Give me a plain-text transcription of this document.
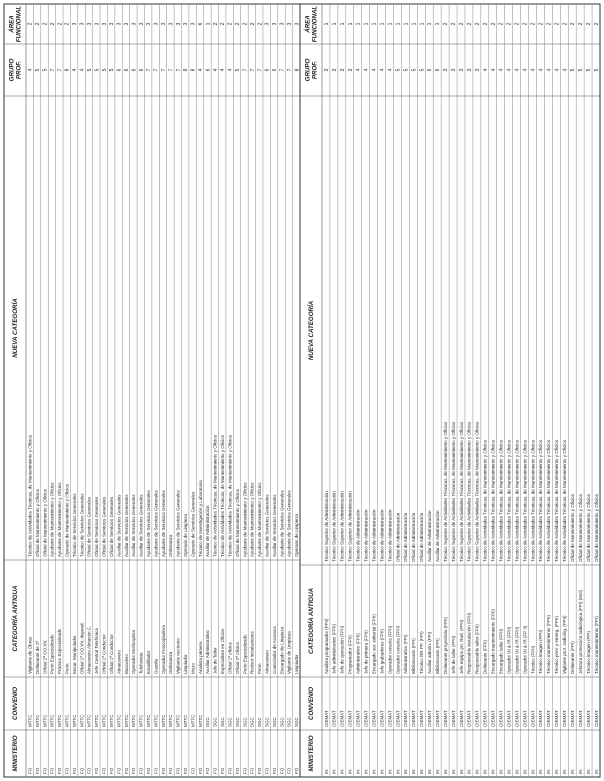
MINISTERIO
CONVENIO
CATEGORÍA ANTIGUA
NUEVA CATEGORÍA
GRUPO PROF.
ÁREA FUNCIONAL
FO
MTTC
Vigilante de Obras
Técnico de Actividades Técnicas, de Mantenimiento y Oficios
4
2
FO
MTTC
Delineante de 2ª
Oficial de Mantenimiento y Oficios
5
2
FO
MTTC
Oficial 2ª OO.VV.
Oficial de Mantenimiento y Oficios
5
2
FO
MTTC
Peón Especializado
Ayudante de Mantenimiento y Oficios
7
2
FO
MTTC
Práctico Especializado
Ayudante de Mantenimiento y Oficios
7
2
FO
MTTC
Peón
Operario de Mantenimiento y Oficios
8
2
FO
MTTC
Encar. Manipulador
Técnico de Servicios Generales
4
3
FO
MTTC
Oficial 1ª OO.VV. depend.
Técnico de Servicios Generales
4
3
FO
MTTC
Almacenero Almacén C.
Oficial de Servicios Generales
5
3
FO
MTTC
Jefe Central Telefónica
Oficial de Servicios Generales
5
3
FO
MTTC
Oficial 1ª Conductor
Oficial de Servicios Generales
5
3
FO
MTTC
Oficial 1ª Conductor
Oficial de Servicios Generales
5
3
FO
MTTC
Almacenero
Auxiliar de Servicios Generales
6
3
FO
MTTC
Basculero
Auxiliar de Servicios Generales
6
3
FO
MTTC
Operador Multicopista
Auxiliar de Servicios Generales
6
3
FO
MTTC
Telefonista
Auxiliar de Servicios Generales
6
3
FO
MTTC
Estadillador
Ayudante de Servicios Generales
7
3
FO
MTTC
Guarda
Ayudante de Servicios Generales
7
3
FO
MTTC
Operador Fotocopiadora
Ayudante de Servicios Generales
7
3
FO
MTTC
Ordenanza
Ordenanza
7
3
FO
MTTC
Vigilante nocturno
Ayudante de Servicios Generales
7
3
FO
MTTC
Limpiador
Operario de Limpieza
8
3
FO
MTTC
Mozo
Operario de Servicios Generales
8
3
FO
MTTC
Analista primera
Técnico de Investigación y Laboratorio
4
6
FO
SGC
Auxiliar Administrativo
Auxiliar de Administración
6
1
FO
SGC
Jefe de Taller
Técnico de Actividades Técnicas, de Mantenimiento y Oficios
4
2
FO
SGC
Especialista en Oficios
Técnico de Actividades Técnicas, de Mantenimiento y Oficios
4
2
FO
SGC
Oficial 1ª oficios
Técnico de Actividades Técnicas, de Mantenimiento y Oficios
4
2
FO
SGC
Oficial 2ª oficios
Oficial de Mantenimiento y Oficios
5
2
FO
SGC
Peón Especializado
Ayudante de Mantenimiento y Oficios
7
2
FO
SGC
Revisor Instalaciones
Ayudante de Mantenimiento y Oficios
7
2
FO
SGC
Peón
Ayudante de Mantenimiento y Oficios
7
2
FO
SGC
Almacenero
Auxiliar de Servicios Generales
6
3
FO
SGC
Controlador de Accesos
Auxiliar de Servicios Generales
6
3
FO
SGC
Encargado de Limpieza
Ayudante de Servicios Generales
7
3
FO
SGC
Vigilante de Limpieza
Ayudante de Servicios Generales
7
3
FO
SGC
Limpiador
Operario de Limpieza
8
3
MINISTERIO
CONVENIO
CATEGORÍA ANTIGUA
NUEVA CATEGORÍA
GRUPO PROF.
ÁREA FUNCIONAL
IN
CIEMAT
Analista programador (FPII)
Técnico Superior de Administración
3
1
IN
CIEMAT
Jefe administrativo (FPII)
Técnico Superior de Administración
3
1
IN
CIEMAT
Jefe de operación (FPII)
Técnico Superior de Administración
3
1
IN
CIEMAT
Programador (FPII)
Técnico Superior de Administración
3
1
IN
CIEMAT
Administrativo (FPII)
Técnico de Administración
4
1
IN
CIEMAT
Jefe de primera (FPII)
Técnico de Administración
4
1
IN
CIEMAT
Encargado ser. editorial (FPII)
Técnico de Administración
4
1
IN
CIEMAT
Jefe grabadores (FPII)
Técnico de Administración
4
1
IN
CIEMAT
Operador consola (FPII)
Técnico de Administración
4
1
IN
CIEMAT
Operador consola (FPII)
Oficial de Administración
5
1
IN
CIEMAT
Administrativo (FPI)
Oficial de Administración
5
1
IN
CIEMAT
Bibliotecario (FPI)
Oficial de Administración
5
1
IN
CIEMAT
Técnico RR.PP. (FPI)
Oficial de Administración
5
1
IN
CIEMAT
Auxiliar admón. (FPI)
Auxiliar de Administración
6
1
IN
CIEMAT
Bibliotecario (FPI)
Auxiliar de Administración
6
1
IN
CIEMAT
Delineante proyectista (FPII)
Técnico Superior de Actividades Técnicas, de Mantenimiento y Oficios
3
2
IN
CIEMAT
Jefe de taller (FPII)
Técnico Superior de Actividades Técnicas, de Mantenimiento y Oficios
3
2
IN
CIEMAT
Jefe equipo prt. Rad. (FPII)
Técnico Superior de Actividades Técnicas, de Mantenimiento y Oficios
3
2
IN
CIEMAT
Responsable instalación (FPII)
Técnico Superior de Actividades Técnicas, de Mantenimiento y Oficios
3
2
IN
CIEMAT
Responsable taller (FPII)
Técnico Superior de Actividades Técnicas, de Mantenimiento y Oficios
3
2
IN
CIEMAT
Delineante (FPII)
Técnico de Actividades Técnicas, de Mantenimiento y Oficios
4
2
IN
CIEMAT
Encargado mantenimiento (FPII)
Técnico de Actividades Técnicas, de Mantenimiento y Oficios
4
2
IN
CIEMAT
Encargado taller (FPII)
Técnico de Actividades Técnicas, de Mantenimiento y Oficios
4
2
IN
CIEMAT
Operador IN & IR (FPII)
Técnico de Actividades Técnicas, de Mantenimiento y Oficios
4
2
IN
CIEMAT
Operador IN & IR (FPII)
Técnico de Actividades Técnicas, de Mantenimiento y Oficios
4
2
IN
CIEMAT
Operador IN & IR (FP II)
Técnico de Actividades Técnicas, de Mantenimiento y Oficios
4
2
IN
CIEMAT
Técnico (FPII)
Técnico de Actividades Técnicas, de Mantenimiento y Oficios
4
2
IN
CIEMAT
Técnico imagen (FPII)
Técnico de Actividades Técnicas, de Mantenimiento y Oficios
4
2
IN
CIEMAT
Técnico mantenimiento (FPII)
Técnico de Actividades Técnicas, de Mantenimiento y Oficios
4
2
IN
CIEMAT
Técnico prev. y emerg. (FPII)
Técnico de Actividades Técnicas, de Mantenimiento y Oficios
4
2
IN
CIEMAT
Vigilante prot. radiológ. (FPII)
Técnico de Actividades Técnicas, de Mantenimiento y Oficios
4
2
IN
CIEMAT
Delineante (FPI)
Oficial de Mantenimiento y Oficios
5
2
IN
CIEMAT
Jefatura protección radiológica (FPI) (Mol)
Oficial de Mantenimiento y Oficios
5
2
IN
CIEMAT
Técnico imagen (FPI)
Oficial de Mantenimiento y Oficios
5
2
IN
CIEMAT
Técnico mantenimiento (FPI)
Oficial de Mantenimiento y Oficios
5
2
